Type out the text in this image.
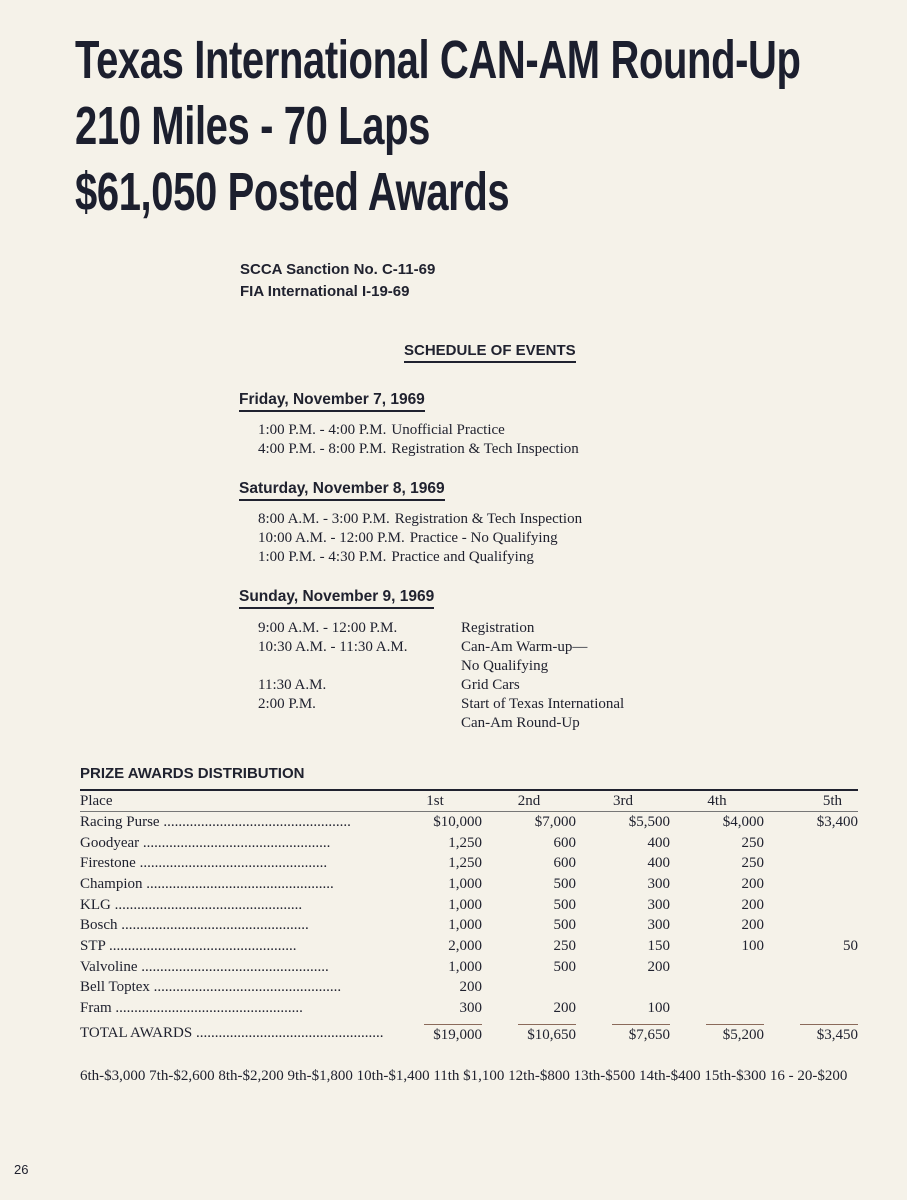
Texas International CAN-AM Round-Up
210 Miles - 70 Laps
$61,050 Posted Awards
SCCA Sanction No. C-11-69
FIA International I-19-69
SCHEDULE OF EVENTS
Friday, November 7, 1969
1:00 P.M. - 4:00 P.M. Unofficial Practice
4:00 P.M. - 8:00 P.M. Registration & Tech Inspection
Saturday, November 8, 1969
8:00 A.M. - 3:00 P.M. Registration & Tech Inspection
10:00 A.M. - 12:00 P.M. Practice - No Qualifying
1:00 P.M. - 4:30 P.M. Practice and Qualifying
Sunday, November 9, 1969
9:00 A.M. - 12:00 P.M.	Registration
10:30 A.M. - 11:30 A.M.	Can-Am Warm-up—
No Qualifying
11:30 A.M.	Grid Cars
2:00 P.M.	Start of Texas International
Can-Am Round-Up
PRIZE AWARDS DISTRIBUTION
Place	1st	2nd	3rd	4th	5th
Racing Purse ..................................................	$10,000	$7,000	$5,500	$4,000	$3,400
Goodyear ..................................................	1,250	600	400	250	
Firestone ..................................................	1,250	600	400	250	
Champion ..................................................	1,000	500	300	200	
KLG ..................................................	1,000	500	300	200	
Bosch ..................................................	1,000	500	300	200	
STP ..................................................	2,000	250	150	100	50
Valvoline ..................................................	1,000	500	200		
Bell Toptex ..................................................	200				
Fram ..................................................	300	200	100		
TOTAL AWARDS ..................................................	$19,000	$10,650	$7,650	$5,200	$3,450
6th-$3,000 7th-$2,600 8th-$2,200 9th-$1,800 10th-$1,400 11th $1,100 12th-$800 13th-$500 14th-$400 15th-$300 16 - 20-$200
26
